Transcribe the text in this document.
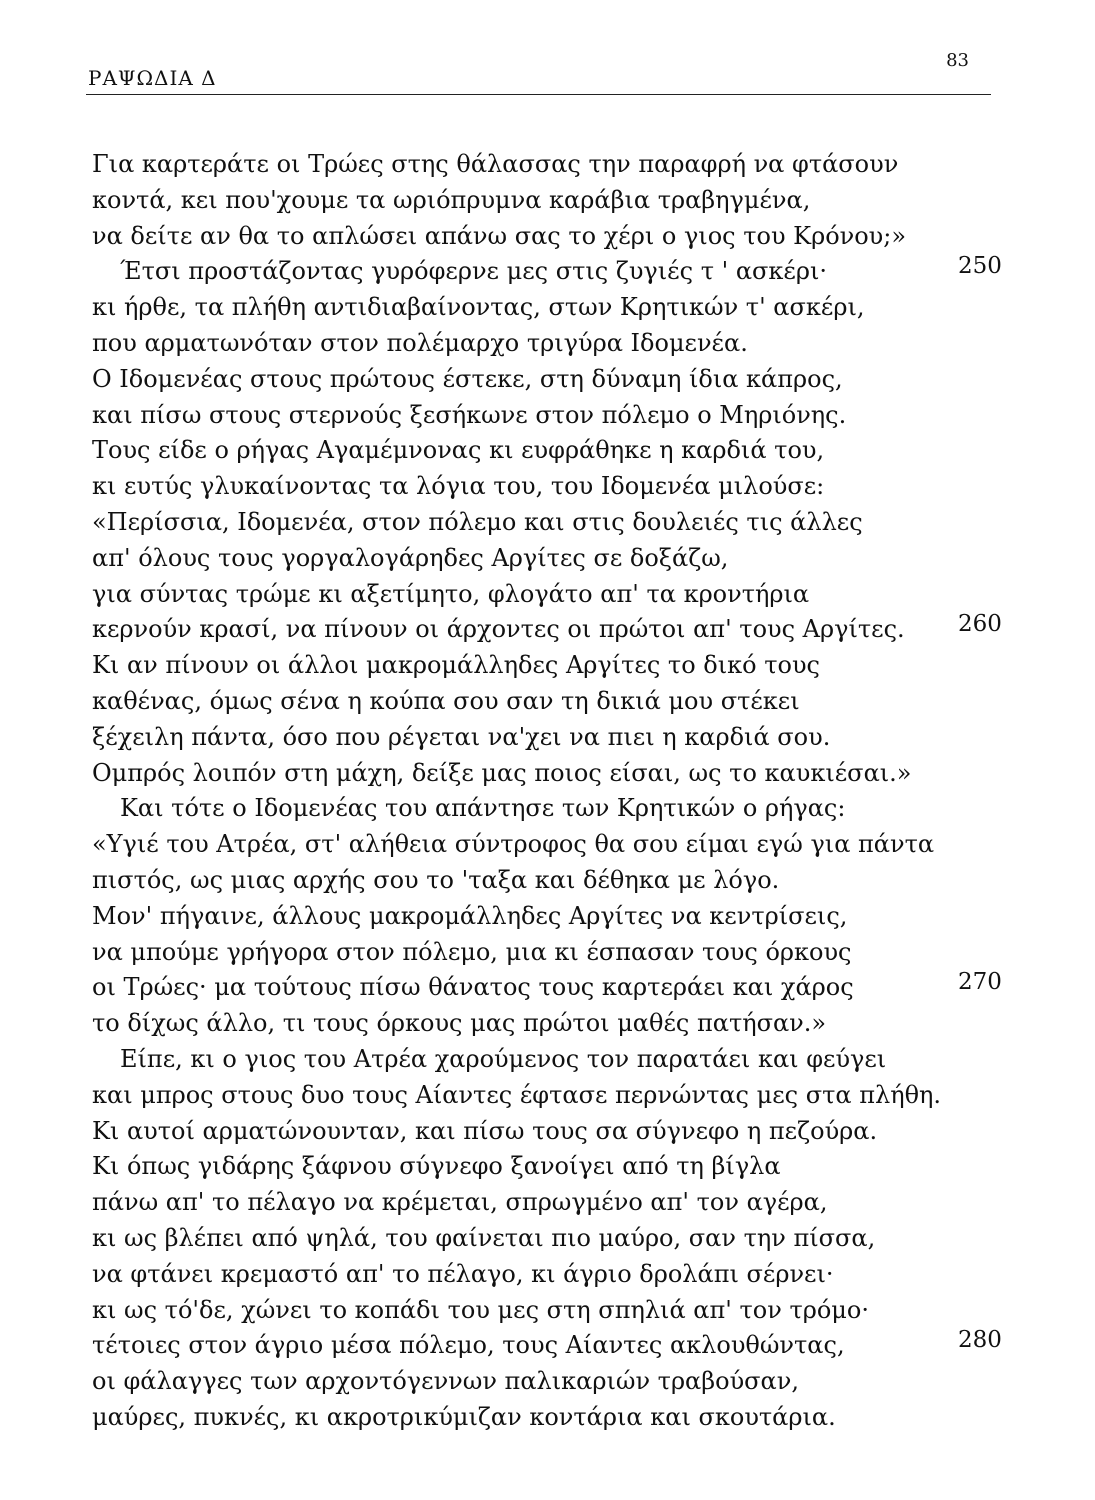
ΡΑΨΩΔΙΑ Δ
83
Για καρτεράτε οι Τρώες στης θάλασσας την παραφρή να φτάσουν
κοντά, κει που'χουμε τα ωριόπρυμνα καράβια τραβηγμένα,
να δείτε αν θα το απλώσει απάνω σας το χέρι ο γιος του Κρόνου;»
Έτσι προστάζοντας γυρόφερνε μες στις ζυγιές τ ' ασκέρι·
κι ήρθε, τα πλήθη αντιδιαβαίνοντας, στων Κρητικών τ' ασκέρι,
που αρματωνόταν στον πολέμαρχο τριγύρα Ιδομενέα.
Ο Ιδομενέας στους πρώτους έστεκε, στη δύναμη ίδια κάπρος,
και πίσω στους στερνούς ξεσήκωνε στον πόλεμο ο Μηριόνης.
Τους είδε ο ρήγας Αγαμέμνονας κι ευφράθηκε η καρδιά του,
κι ευτύς γλυκαίνοντας τα λόγια του, του Ιδομενέα μιλούσε:
«Περίσσια, Ιδομενέα, στον πόλεμο και στις δουλειές τις άλλες
απ' όλους τους γοργαλογάρηδες Αργίτες σε δοξάζω,
για σύντας τρώμε κι αξετίμητο, φλογάτο απ' τα κροντήρια
κερνούν κρασί, να πίνουν οι άρχοντες οι πρώτοι απ' τους Αργίτες.
Κι αν πίνουν οι άλλοι μακρομάλληδες Αργίτες το δικό τους
καθένας, όμως σένα η κούπα σου σαν τη δικιά μου στέκει
ξέχειλη πάντα, όσο που ρέγεται να'χει να πιει η καρδιά σου.
Ομπρός λοιπόν στη μάχη, δείξε μας ποιος είσαι, ως το καυκιέσαι.»
Και τότε ο Ιδομενέας του απάντησε των Κρητικών ο ρήγας:
«Υγιέ του Ατρέα, στ' αλήθεια σύντροφος θα σου είμαι εγώ για πάντα
πιστός, ως μιας αρχής σου το 'ταξα και δέθηκα με λόγο.
Μον' πήγαινε, άλλους μακρομάλληδες Αργίτες να κεντρίσεις,
να μπούμε γρήγορα στον πόλεμο, μια κι έσπασαν τους όρκους
οι Τρώες· μα τούτους πίσω θάνατος τους καρτεράει και χάρος
το δίχως άλλο, τι τους όρκους μας πρώτοι μαθές πατήσαν.»
Είπε, κι ο γιος του Ατρέα χαρούμενος τον παρατάει και φεύγει
και μπρος στους δυο τους Αίαντες έφτασε περνώντας μες στα πλήθη.
Κι αυτοί αρματώνουνταν, και πίσω τους σα σύγνεφο η πεζούρα.
Κι όπως γιδάρης ξάφνου σύγνεφο ξανοίγει από τη βίγλα
πάνω απ' το πέλαγο να κρέμεται, σπρωγμένο απ' τον αγέρα,
κι ως βλέπει από ψηλά, του φαίνεται πιο μαύρο, σαν την πίσσα,
να φτάνει κρεμαστό απ' το πέλαγο, κι άγριο δρολάπι σέρνει·
κι ως τό'δε, χώνει το κοπάδι του μες στη σπηλιά απ' τον τρόμο·
τέτοιες στον άγριο μέσα πόλεμο, τους Αίαντες ακλουθώντας,
οι φάλαγγες των αρχοντόγεννων παλικαριών τραβούσαν,
μαύρες, πυκνές, κι ακροτρικύμιζαν κοντάρια και σκουτάρια.
250
260
270
280
